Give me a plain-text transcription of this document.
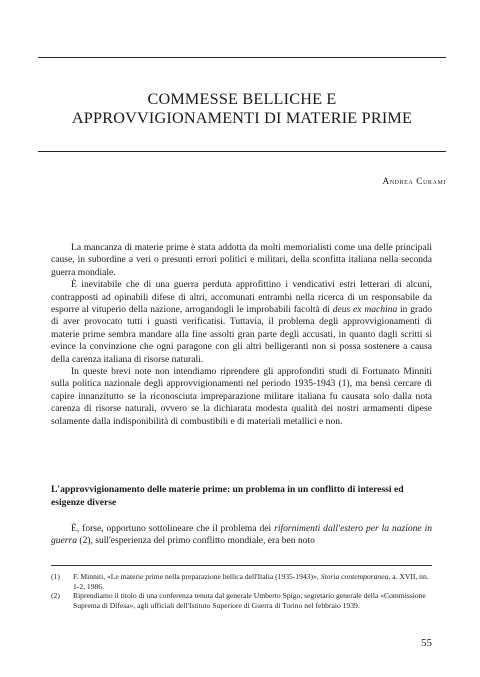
COMMESSE BELLICHE E
APPROVVIGIONAMENTI DI MATERIE PRIME
Andrea Curami

La mancanza di materie prime è stata addotta da molti memorialisti come una delle principali cause, in subordine a veri o presunti errori politici e militari, della sconfitta italiana nella seconda guerra mondiale.

È inevitabile che di una guerra perduta approfittino i vendicativi estri letterari di alcuni, contrapposti ad opinabili difese di altri, accomunati entrambi nella ricerca di un responsabile da esporre al vituperio della nazione, arrogandogli le improbabili facoltà di deus ex machina in grado di aver provocato tutti i guasti verificatisi. Tuttavia, il problema degli approvvigionamenti di materie prime sembra mandare alla fine assolti gran parte degli accusati, in quanto dagli scritti si evince la convinzione che ogni paragone con gli altri belligeranti non si possa sostenere a causa della carenza italiana di risorse naturali.

In queste brevi note non intendiamo riprendere gli approfonditi studi di Fortunato Minniti sulla politica nazionale degli approvvigionamenti nel periodo 1935-1943 (1), ma bensì cercare di capire innanzitutto se la riconosciuta impreparazione militare italiana fu causata solo dalla nota carenza di risorse naturali, ovvero se la dichiarata modesta qualità dei nostri armamenti dipese solamente dalla indisponibilità di combustibili e di materiali metallici e non.

L'approvvigionamento delle materie prime: un problema in un conflitto di interessi ed esigenze diverse

È, forse, opportuno sottolineare che il problema dei rifornimenti dall'estero per la nazione in guerra (2), sull'esperienza del primo conflitto mondiale, era ben noto

(1)	F. Minniti, «Le materie prime nella preparazione bellica dell'Italia (1935-1943)», Storia contemporanea, a. XVII, nn. 1-2, 1986.
(2)	Riprendiamo il titolo di una conferenza tenuta dal generale Umberto Spigo, segretario generale della «Commissione Suprema di Difesa», agli ufficiali dell'Istituto Superiore di Guerra di Torino nel febbraio 1939.
55
